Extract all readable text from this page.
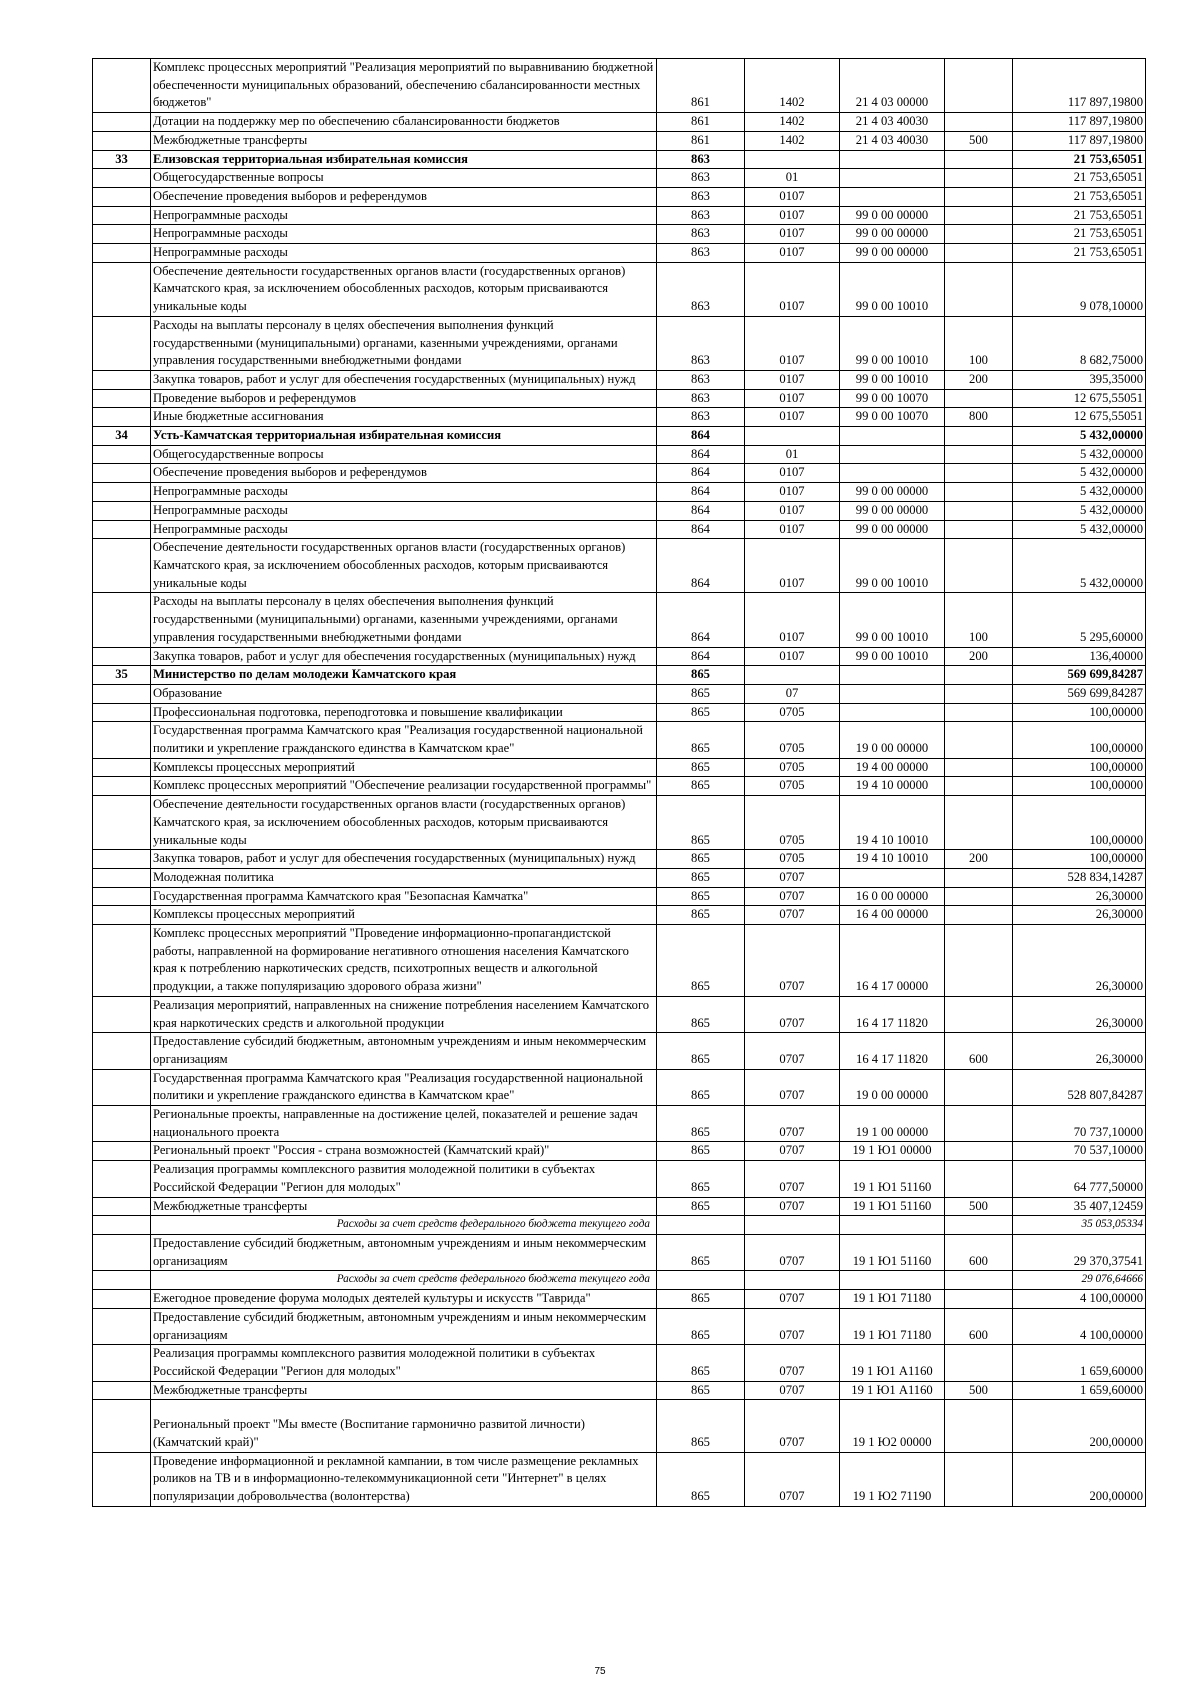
	Комплекс процессных мероприятий "Реализация мероприятий по выравниванию бюджетной обеспеченности муниципальных образований, обеспечению сбалансированности местных бюджетов"	861	1402	21 4 03 00000		117 897,19800
	Дотации на поддержку мер по обеспечению сбалансированности бюджетов	861	1402	21 4 03 40030		117 897,19800
	Межбюджетные трансферты	861	1402	21 4 03 40030	500	117 897,19800
33	Елизовская территориальная избирательная комиссия	863				21 753,65051
	Общегосударственные вопросы	863	01			21 753,65051
	Обеспечение проведения выборов и референдумов	863	0107			21 753,65051
	Непрограммные расходы	863	0107	99 0 00 00000		21 753,65051
	Непрограммные расходы	863	0107	99 0 00 00000		21 753,65051
	Непрограммные расходы	863	0107	99 0 00 00000		21 753,65051
	Обеспечение деятельности государственных органов власти (государственных органов) Камчатского края, за исключением обособленных расходов, которым присваиваются уникальные коды	863	0107	99 0 00 10010		9 078,10000
	Расходы на выплаты персоналу в целях обеспечения выполнения функций государственными (муниципальными) органами, казенными учреждениями, органами управления государственными внебюджетными фондами	863	0107	99 0 00 10010	100	8 682,75000
	Закупка товаров, работ и услуг для обеспечения государственных (муниципальных) нужд	863	0107	99 0 00 10010	200	395,35000
	Проведение выборов и референдумов	863	0107	99 0 00 10070		12 675,55051
	Иные бюджетные ассигнования	863	0107	99 0 00 10070	800	12 675,55051
34	Усть-Камчатская территориальная избирательная комиссия	864				5 432,00000
	Общегосударственные вопросы	864	01			5 432,00000
	Обеспечение проведения выборов и референдумов	864	0107			5 432,00000
	Непрограммные расходы	864	0107	99 0 00 00000		5 432,00000
	Непрограммные расходы	864	0107	99 0 00 00000		5 432,00000
	Непрограммные расходы	864	0107	99 0 00 00000		5 432,00000
	Обеспечение деятельности государственных органов власти (государственных органов) Камчатского края, за исключением обособленных расходов, которым присваиваются уникальные коды	864	0107	99 0 00 10010		5 432,00000
	Расходы на выплаты персоналу в целях обеспечения выполнения функций государственными (муниципальными) органами, казенными учреждениями, органами управления государственными внебюджетными фондами	864	0107	99 0 00 10010	100	5 295,60000
	Закупка товаров, работ и услуг для обеспечения государственных (муниципальных) нужд	864	0107	99 0 00 10010	200	136,40000
35	Министерство по делам молодежи Камчатского края	865				569 699,84287
	Образование	865	07			569 699,84287
	Профессиональная подготовка, переподготовка и повышение квалификации	865	0705			100,00000
	Государственная программа Камчатского края "Реализация государственной национальной политики и укрепление гражданского единства в Камчатском крае"	865	0705	19 0 00 00000		100,00000
	Комплексы процессных мероприятий	865	0705	19 4 00 00000		100,00000
	Комплекс процессных мероприятий "Обеспечение реализации государственной программы"	865	0705	19 4 10 00000		100,00000
	Обеспечение деятельности государственных органов власти (государственных органов) Камчатского края, за исключением обособленных расходов, которым присваиваются уникальные коды	865	0705	19 4 10 10010		100,00000
	Закупка товаров, работ и услуг для обеспечения государственных (муниципальных) нужд	865	0705	19 4 10 10010	200	100,00000
	Молодежная политика	865	0707			528 834,14287
	Государственная программа Камчатского края "Безопасная Камчатка"	865	0707	16 0 00 00000		26,30000
	Комплексы процессных мероприятий	865	0707	16 4 00 00000		26,30000
	Комплекс процессных мероприятий "Проведение информационно-пропагандистской работы, направленной на формирование негативного отношения населения Камчатского края к потреблению наркотических средств, психотропных веществ и алкогольной продукции, а также популяризацию здорового образа жизни"	865	0707	16 4 17 00000		26,30000
	Реализация мероприятий, направленных на снижение потребления населением Камчатского края наркотических средств и алкогольной продукции	865	0707	16 4 17 11820		26,30000
	Предоставление субсидий бюджетным, автономным учреждениям и иным некоммерческим организациям	865	0707	16 4 17 11820	600	26,30000
	Государственная программа Камчатского края "Реализация государственной национальной политики и укрепление гражданского единства в Камчатском крае"	865	0707	19 0 00 00000		528 807,84287
	Региональные проекты, направленные на достижение целей, показателей и решение задач национального проекта	865	0707	19 1 00 00000		70 737,10000
	Региональный проект "Россия - страна возможностей (Камчатский край)"	865	0707	19 1 Ю1 00000		70 537,10000
	Реализация программы комплексного развития молодежной политики в субъектах Российской Федерации "Регион для молодых"	865	0707	19 1 Ю1 51160		64 777,50000
	Межбюджетные трансферты	865	0707	19 1 Ю1 51160	500	35 407,12459
	Расходы за счет средств федерального бюджета текущего года					35 053,05334
	Предоставление субсидий бюджетным, автономным учреждениям и иным некоммерческим организациям	865	0707	19 1 Ю1 51160	600	29 370,37541
	Расходы за счет средств федерального бюджета текущего года					29 076,64666
	Ежегодное проведение форума молодых деятелей культуры и искусств "Таврида"	865	0707	19 1 Ю1 71180		4 100,00000
	Предоставление субсидий бюджетным, автономным учреждениям и иным некоммерческим организациям	865	0707	19 1 Ю1 71180	600	4 100,00000
	Реализация программы комплексного развития молодежной политики в субъектах Российской Федерации "Регион для молодых"	865	0707	19 1 Ю1 А1160		1 659,60000
	Межбюджетные трансферты	865	0707	19 1 Ю1 А1160	500	1 659,60000
	Региональный проект "Мы вместе (Воспитание гармонично развитой личности) (Камчатский край)"	865	0707	19 1 Ю2 00000		200,00000
	Проведение информационной и рекламной кампании, в том числе размещение рекламных роликов на ТВ и в информационно-телекоммуникационной сети "Интернет" в целях популяризации добровольчества (волонтерства)	865	0707	19 1 Ю2 71190		200,00000
75
